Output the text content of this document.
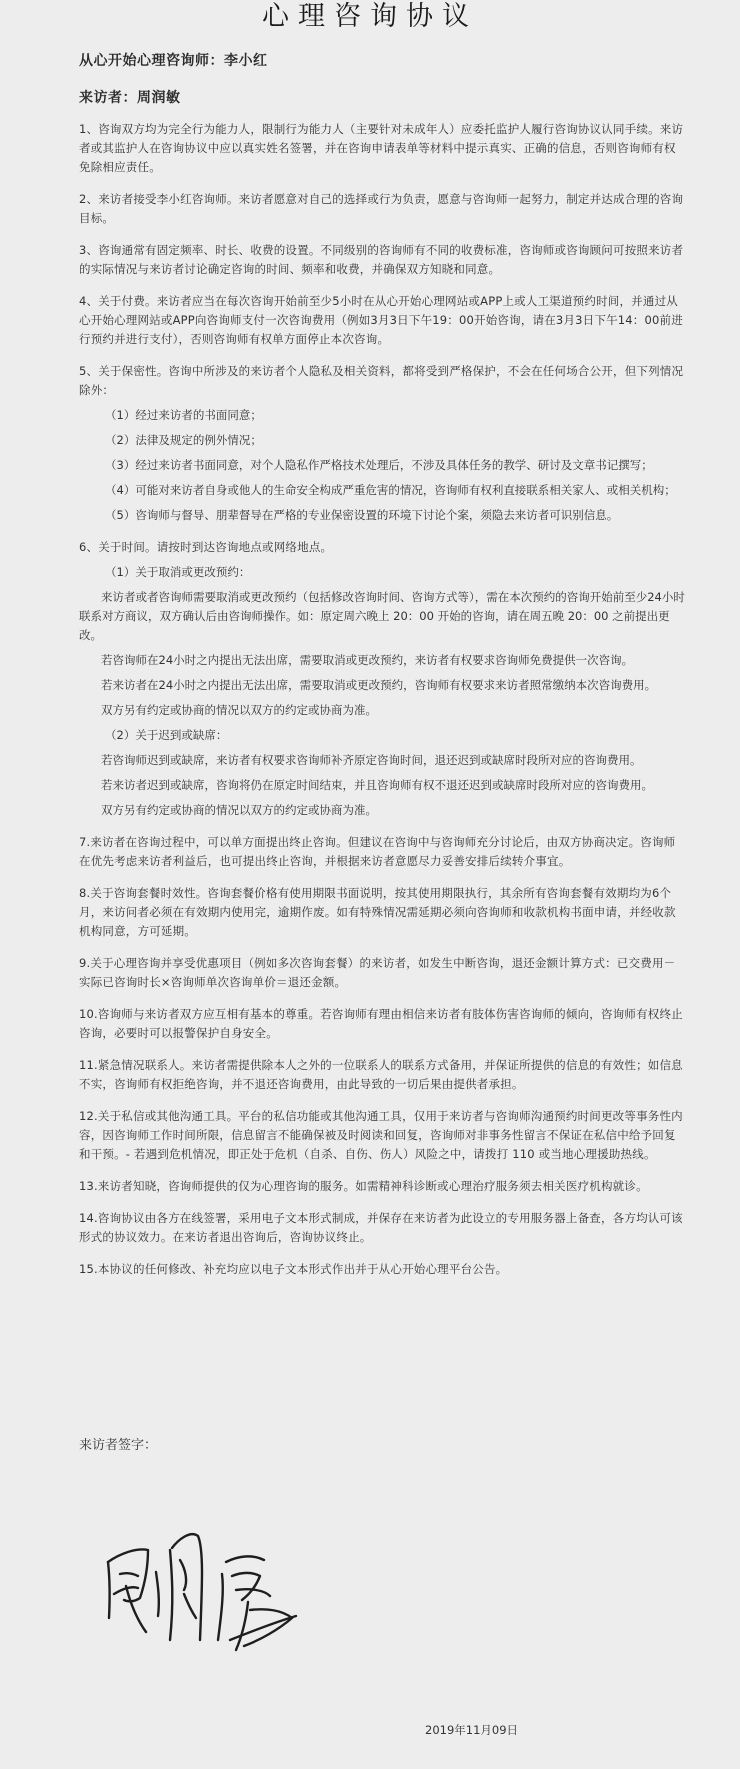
心理咨询协议
从心开始心理咨询师：李小红
来访者：周润敏

1、咨询双方均为完全行为能力人，限制行为能力人（主要针对未成年人）应委托监护人履行咨询协议认同手续。来访者或其监护人在咨询协议中应以真实姓名签署，并在咨询申请表单等材料中提示真实、正确的信息，否则咨询师有权免除相应责任。

2、来访者接受李小红咨询师。来访者愿意对自己的选择或行为负责，愿意与咨询师一起努力，制定并达成合理的咨询目标。

3、咨询通常有固定频率、时长、收费的设置。不同级别的咨询师有不同的收费标准，咨询师或咨询顾问可按照来访者的实际情况与来访者讨论确定咨询的时间、频率和收费，并确保双方知晓和同意。

4、关于付费。来访者应当在每次咨询开始前至少5小时在从心开始心理网站或APP上或人工渠道预约时间，并通过从心开始心理网站或APP向咨询师支付一次咨询费用（例如3月3日下午19：00开始咨询，请在3月3日下午14：00前进行预约并进行支付），否则咨询师有权单方面停止本次咨询。

5、关于保密性。咨询中所涉及的来访者个人隐私及相关资料，都将受到严格保护，不会在任何场合公开，但下列情况除外：

（1）经过来访者的书面同意；
（2）法律及规定的例外情况；
（3）经过来访者书面同意，对个人隐私作严格技术处理后，不涉及具体任务的教学、研讨及文章书记撰写；
（4）可能对来访者自身或他人的生命安全构成严重危害的情况，咨询师有权利直接联系相关家人、或相关机构；
（5）咨询师与督导、朋辈督导在严格的专业保密设置的环境下讨论个案，须隐去来访者可识别信息。

6、关于时间。请按时到达咨询地点或网络地点。

（1）关于取消或更改预约：
来访者或者咨询师需要取消或更改预约（包括修改咨询时间、咨询方式等），需在本次预约的咨询开始前至少24小时联系对方商议，双方确认后由咨询师操作。如：原定周六晚上 20：00 开始的咨询，请在周五晚 20：00 之前提出更改。
若咨询师在24小时之内提出无法出席，需要取消或更改预约，来访者有权要求咨询师免费提供一次咨询。
若来访者在24小时之内提出无法出席，需要取消或更改预约，咨询师有权要求来访者照常缴纳本次咨询费用。
双方另有约定或协商的情况以双方的约定或协商为准。
（2）关于迟到或缺席：
若咨询师迟到或缺席，来访者有权要求咨询师补齐原定咨询时间，退还迟到或缺席时段所对应的咨询费用。
若来访者迟到或缺席，咨询将仍在原定时间结束，并且咨询师有权不退还迟到或缺席时段所对应的咨询费用。
双方另有约定或协商的情况以双方的约定或协商为准。

7.来访者在咨询过程中，可以单方面提出终止咨询。但建议在咨询中与咨询师充分讨论后，由双方协商决定。咨询师在优先考虑来访者利益后，也可提出终止咨询，并根据来访者意愿尽力妥善安排后续转介事宜。

8.关于咨询套餐时效性。咨询套餐价格有使用期限书面说明，按其使用期限执行，其余所有咨询套餐有效期均为6个月，来访问者必须在有效期内使用完，逾期作废。如有特殊情况需延期必须向咨询师和收款机构书面申请，并经收款机构同意，方可延期。

9.关于心理咨询并享受优惠项目（例如多次咨询套餐）的来访者，如发生中断咨询，退还金额计算方式：已交费用－实际已咨询时长×咨询师单次咨询单价＝退还金额。

10.咨询师与来访者双方应互相有基本的尊重。若咨询师有理由相信来访者有肢体伤害咨询师的倾向，咨询师有权终止咨询，必要时可以报警保护自身安全。

11.紧急情况联系人。来访者需提供除本人之外的一位联系人的联系方式备用，并保证所提供的信息的有效性；如信息不实，咨询师有权拒绝咨询，并不退还咨询费用，由此导致的一切后果由提供者承担。

12.关于私信或其他沟通工具。平台的私信功能或其他沟通工具，仅用于来访者与咨询师沟通预约时间更改等事务性内容，因咨询师工作时间所限，信息留言不能确保被及时阅读和回复，咨询师对非事务性留言不保证在私信中给予回复和干预。- 若遇到危机情况，即正处于危机（自杀、自伤、伤人）风险之中，请拨打 110 或当地心理援助热线。

13.来访者知晓，咨询师提供的仅为心理咨询的服务。如需精神科诊断或心理治疗服务须去相关医疗机构就诊。

14.咨询协议由各方在线签署，采用电子文本形式制成，并保存在来访者为此设立的专用服务器上备查，各方均认可该形式的协议效力。在来访者退出咨询后，咨询协议终止。

15.本协议的任何修改、补充均应以电子文本形式作出并于从心开始心理平台公告。

来访者签字：
2019年11月09日
